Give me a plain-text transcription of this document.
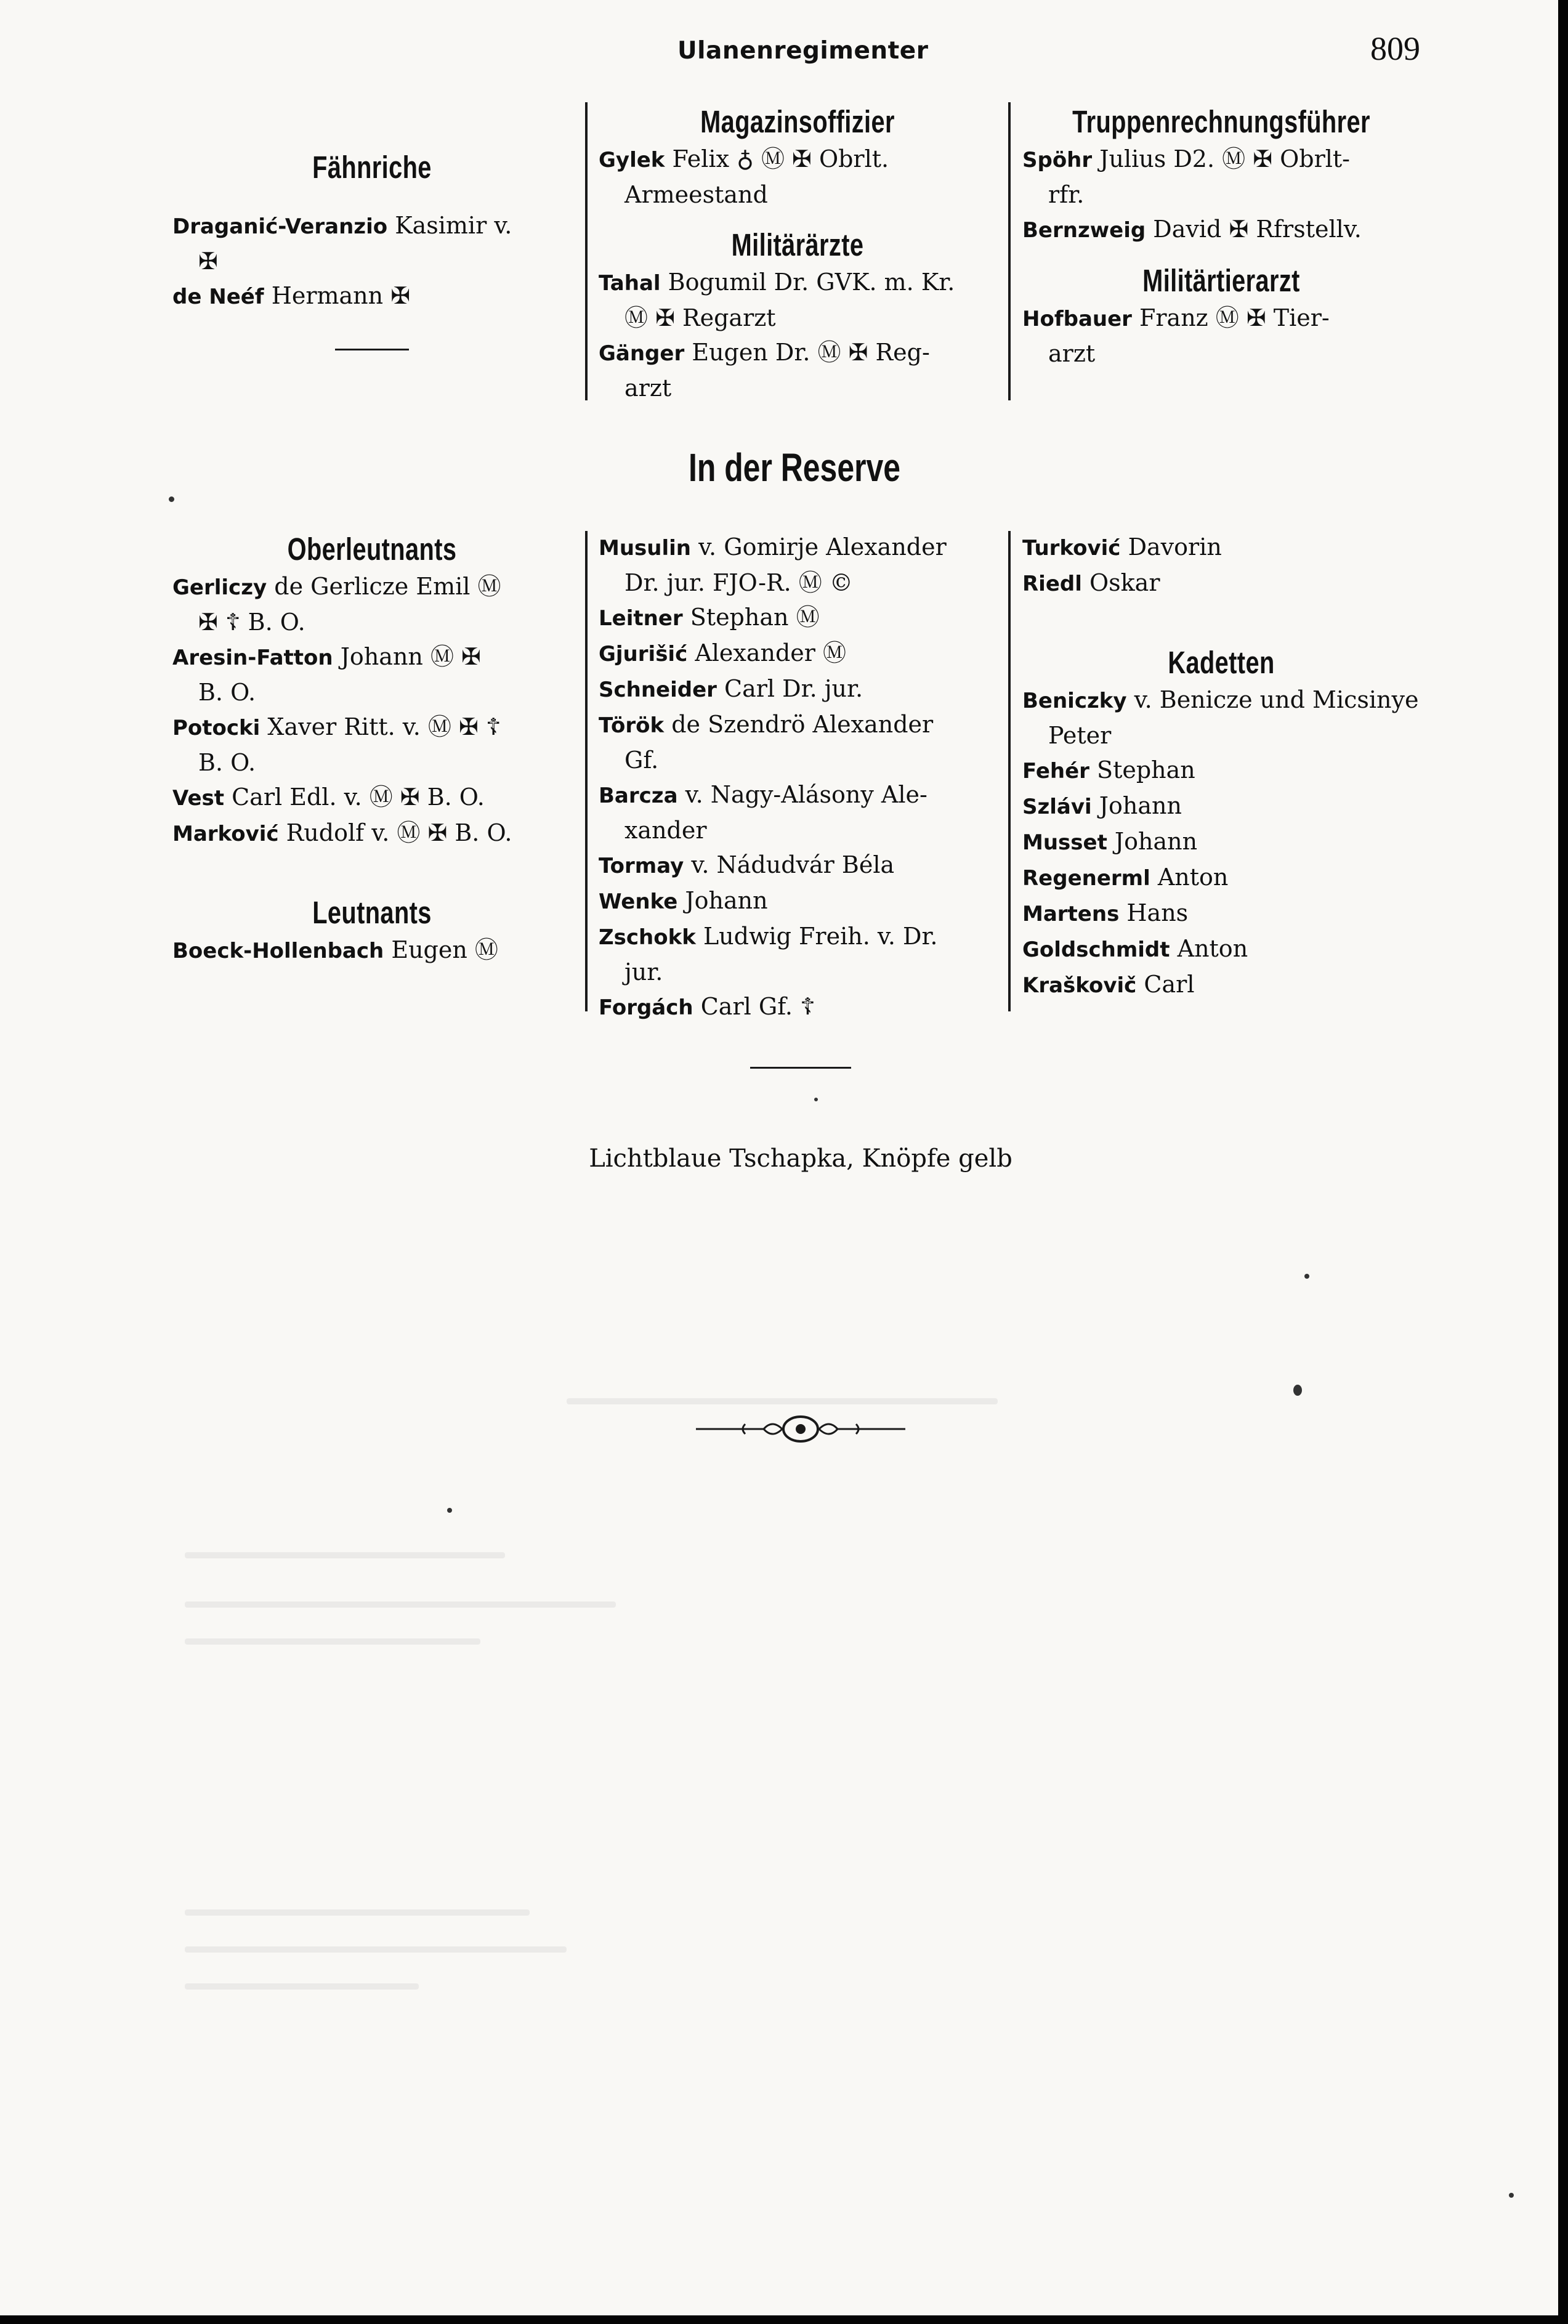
Ulanenregimenter	809
Fähnriche
Draganić-Veranzio Kasimir v.
✠
de Neéf Hermann ✠
Magazinsoffizier
Gylek Felix ♁ Ⓜ ✠ Obrlt.
Armeestand
Militärärzte
Tahal Bogumil Dr. GVK. m. Kr.
Ⓜ ✠ Regarzt
Gänger Eugen Dr. Ⓜ ✠ Reg-
arzt
Truppenrechnungsführer
Spöhr Julius D2. Ⓜ ✠ Obrlt-
rfr.
Bernzweig David ✠ Rfrstellv.
Militärtierarzt
Hofbauer Franz Ⓜ ✠ Tier-
arzt
In der Reserve
Oberleutnants
Gerliczy de Gerlicze Emil Ⓜ
✠ ☦ B. O.
Aresin-Fatton Johann Ⓜ ✠
B. O.
Potocki Xaver Ritt. v. Ⓜ ✠ ☦
B. O.
Vest Carl Edl. v. Ⓜ ✠ B. O.
Marković Rudolf v. Ⓜ ✠ B. O.
Leutnants
Boeck-Hollenbach Eugen Ⓜ
Musulin v. Gomirje Alexander
Dr. jur. FJO-R. Ⓜ ©
Leitner Stephan Ⓜ
Gjurišić Alexander Ⓜ
Schneider Carl Dr. jur.
Török de Szendrö Alexander
Gf.
Barcza v. Nagy-Alásony Ale-
xander
Tormay v. Nádudvár Béla
Wenke Johann
Zschokk Ludwig Freih. v. Dr.
jur.
Forgách Carl Gf. ☦
Turković Davorin
Riedl Oskar
Kadetten
Beniczky v. Benicze und Micsinye
Peter
Fehér Stephan
Szlávi Johann
Musset Johann
Regenerml Anton
Martens Hans
Goldschmidt Anton
Kraškovič Carl
Lichtblaue Tschapka, Knöpfe gelb
